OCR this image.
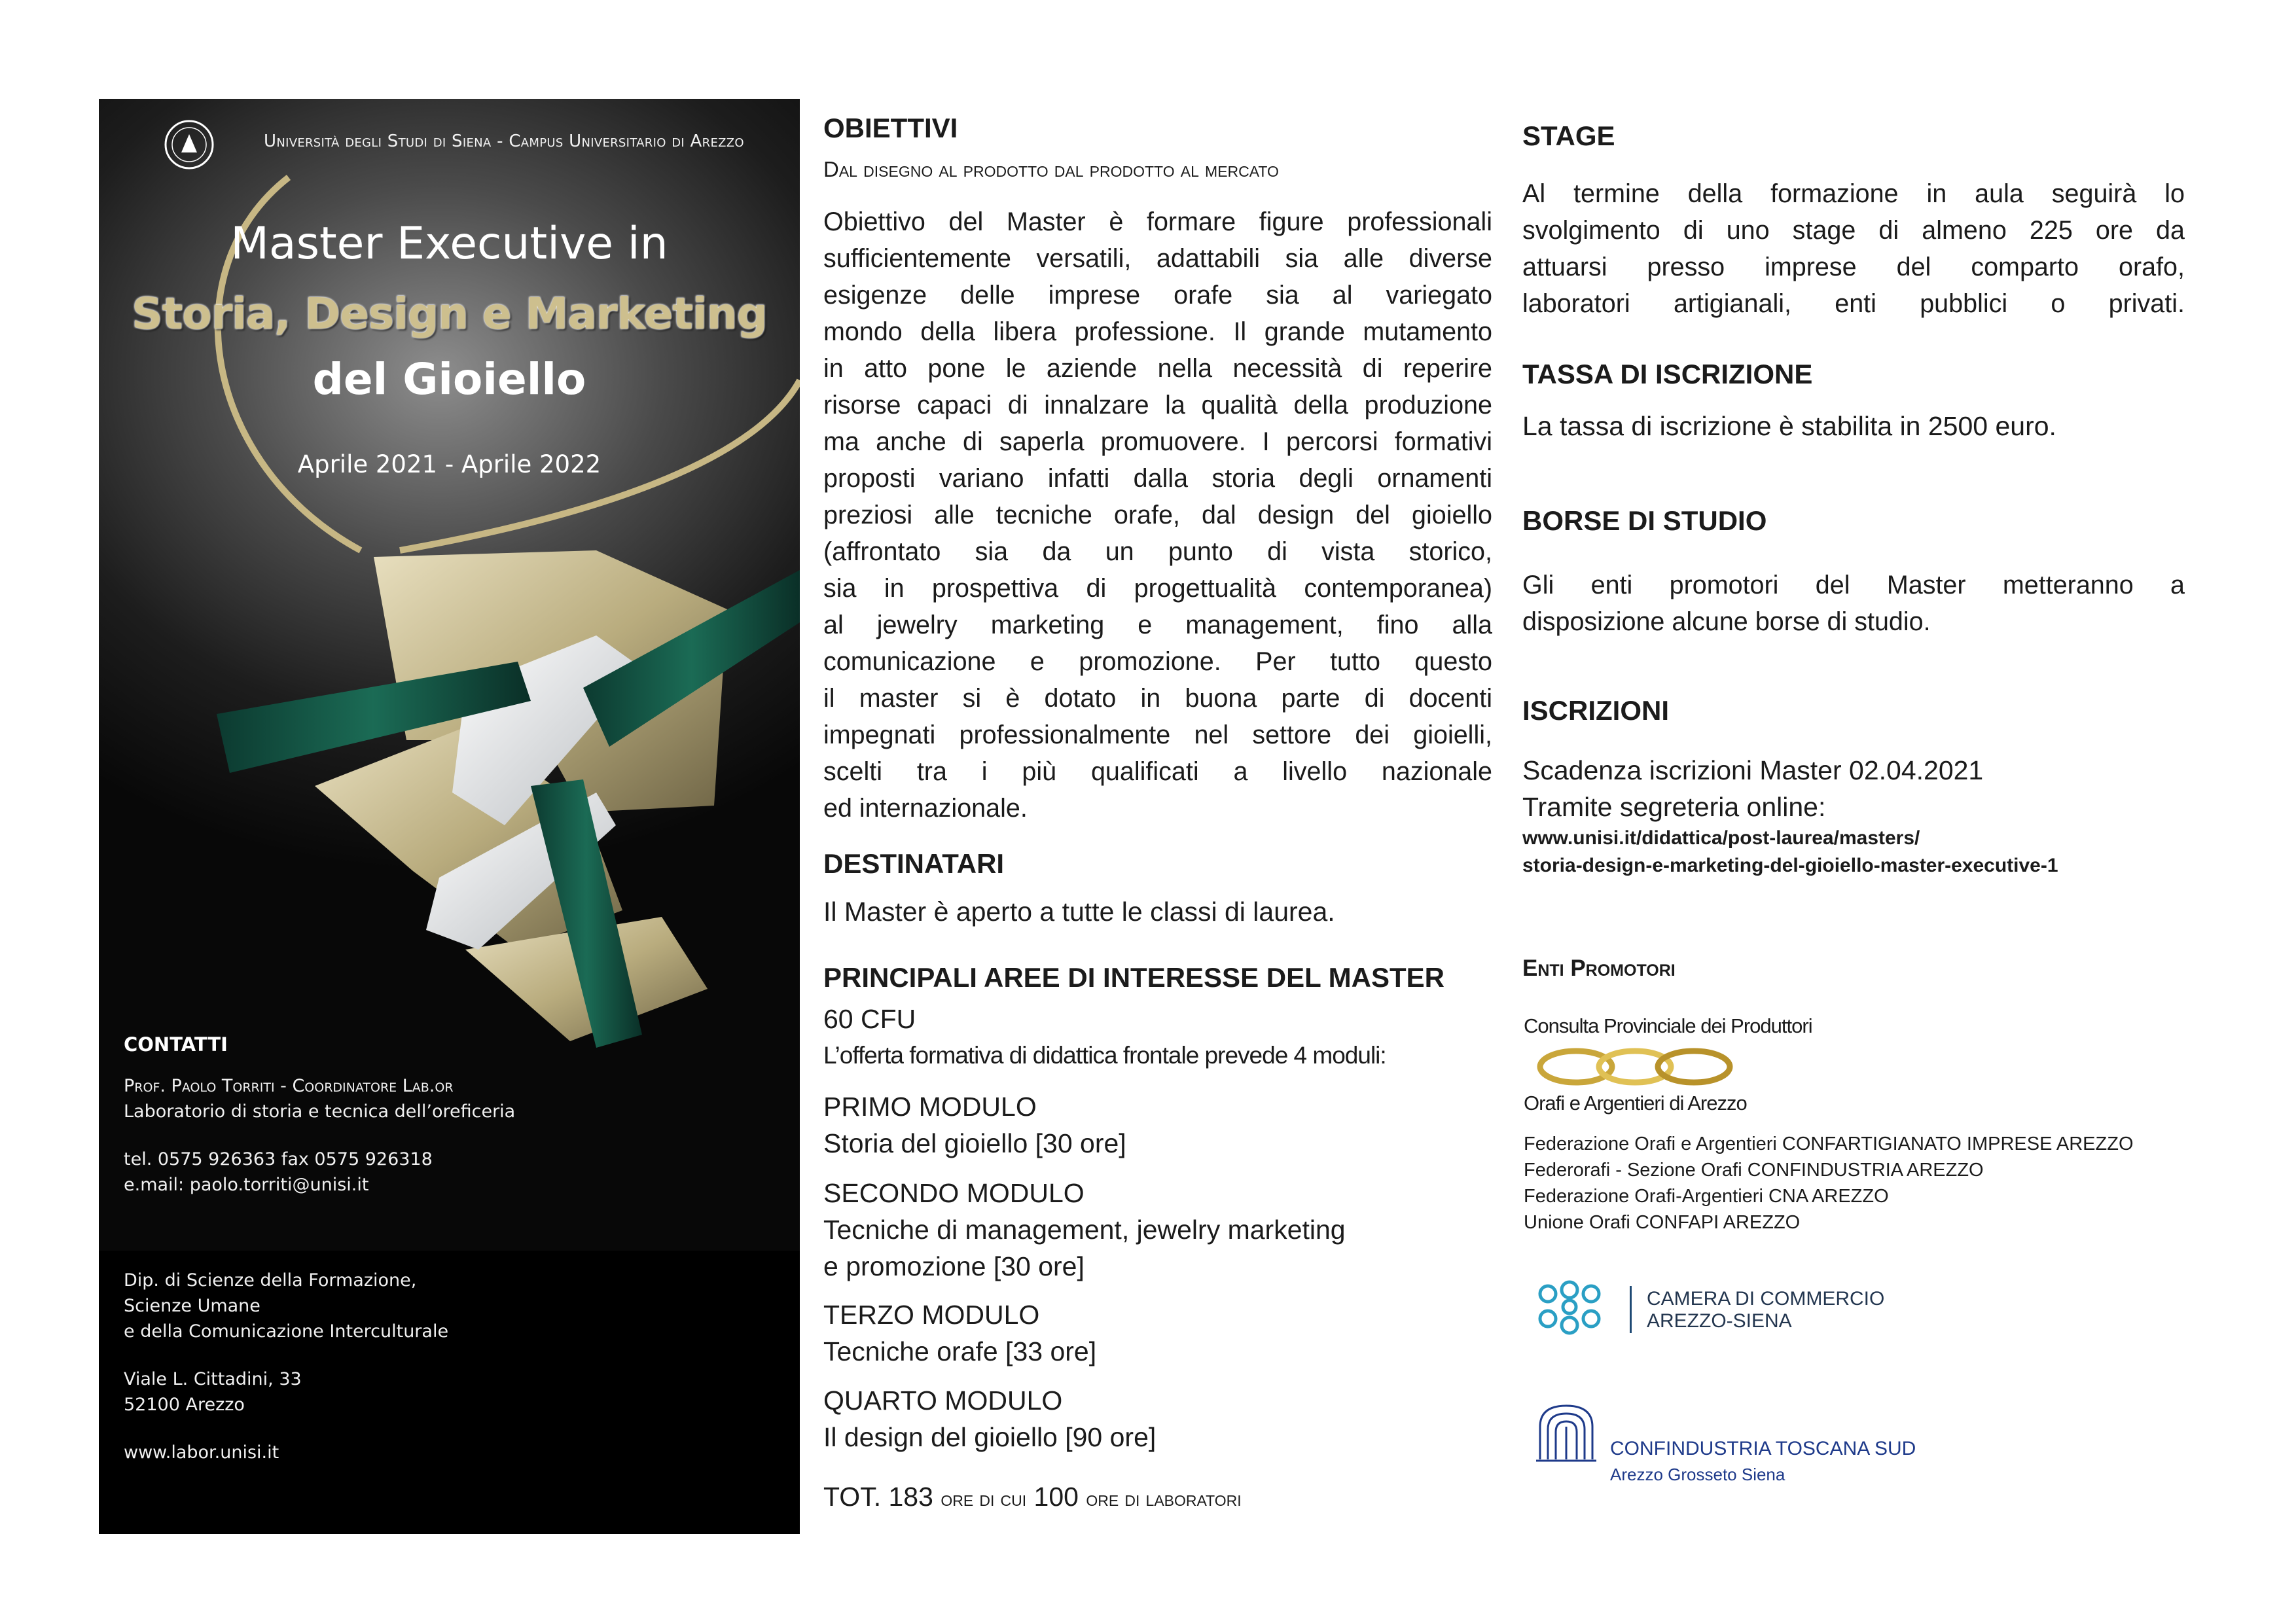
Università degli Studi di Siena - Campus Universitario di Arezzo
Master Executive in
Storia, Design e Marketing
del Gioiello
Aprile 2021 - Aprile 2022
CONTATTI
Prof. Paolo Torriti - Coordinatore Lab.or
Laboratorio di storia e tecnica dell’oreficeria
tel. 0575 926363 fax 0575 926318
e.mail: paolo.torriti@unisi.it
Dip. di Scienze della Formazione,
Scienze Umane
e della Comunicazione Interculturale
Viale L. Cittadini, 33
52100 Arezzo
www.labor.unisi.it
OBIETTIVI
Dal disegno al prodotto dal prodotto al mercato
Obiettivo del Master è formare figure professionali
sufficientemente versatili, adattabili sia alle diverse
esigenze delle imprese orafe sia al variegato
mondo della libera professione. Il grande mutamento
in atto pone le aziende nella necessità di reperire
risorse capaci di innalzare la qualità della produzione
ma anche di saperla promuovere. I percorsi formativi
proposti variano infatti dalla storia degli ornamenti
preziosi alle tecniche orafe, dal design del gioiello
(affrontato sia da un punto di vista storico,
sia in prospettiva di progettualità contemporanea)
al jewelry marketing e management, fino alla
comunicazione e promozione. Per tutto questo
il master si è dotato in buona parte di docenti
impegnati professionalmente nel settore dei gioielli,
scelti tra i più qualificati a livello nazionale
ed internazionale.
DESTINATARI
Il Master è aperto a tutte le classi di laurea.
PRINCIPALI AREE DI INTERESSE DEL MASTER
60 CFU
L’offerta formativa di didattica frontale prevede 4 moduli:
PRIMO MODULO
Storia del gioiello [30 ore]
SECONDO MODULO
Tecniche di management, jewelry marketing
e promozione [30 ore]
TERZO MODULO
Tecniche orafe [33 ore]
QUARTO MODULO
Il design del gioiello [90 ore]
TOT. 183 ore di cui 100 ore di laboratori
STAGE
Al termine della formazione in aula seguirà lo
svolgimento di uno stage di almeno 225 ore da
attuarsi presso imprese del comparto orafo,
laboratori artigianali, enti pubblici o privati.
TASSA DI ISCRIZIONE
La tassa di iscrizione è stabilita in 2500 euro.
BORSE DI STUDIO
Gli enti promotori del Master metteranno a
disposizione alcune borse di studio.
ISCRIZIONI
Scadenza iscrizioni Master 02.04.2021
Tramite segreteria online:
www.unisi.it/didattica/post-laurea/masters/
storia-design-e-marketing-del-gioiello-master-executive-1
Enti Promotori
Consulta Provinciale dei Produttori
Orafi e Argentieri di Arezzo
Federazione Orafi e Argentieri CONFARTIGIANATO IMPRESE AREZZO
Federorafi - Sezione Orafi CONFINDUSTRIA AREZZO
Federazione Orafi-Argentieri CNA AREZZO
Unione Orafi CONFAPI AREZZO
CAMERA DI COMMERCIO
AREZZO-SIENA
CONFINDUSTRIA TOSCANA SUD
Arezzo Grosseto Siena
